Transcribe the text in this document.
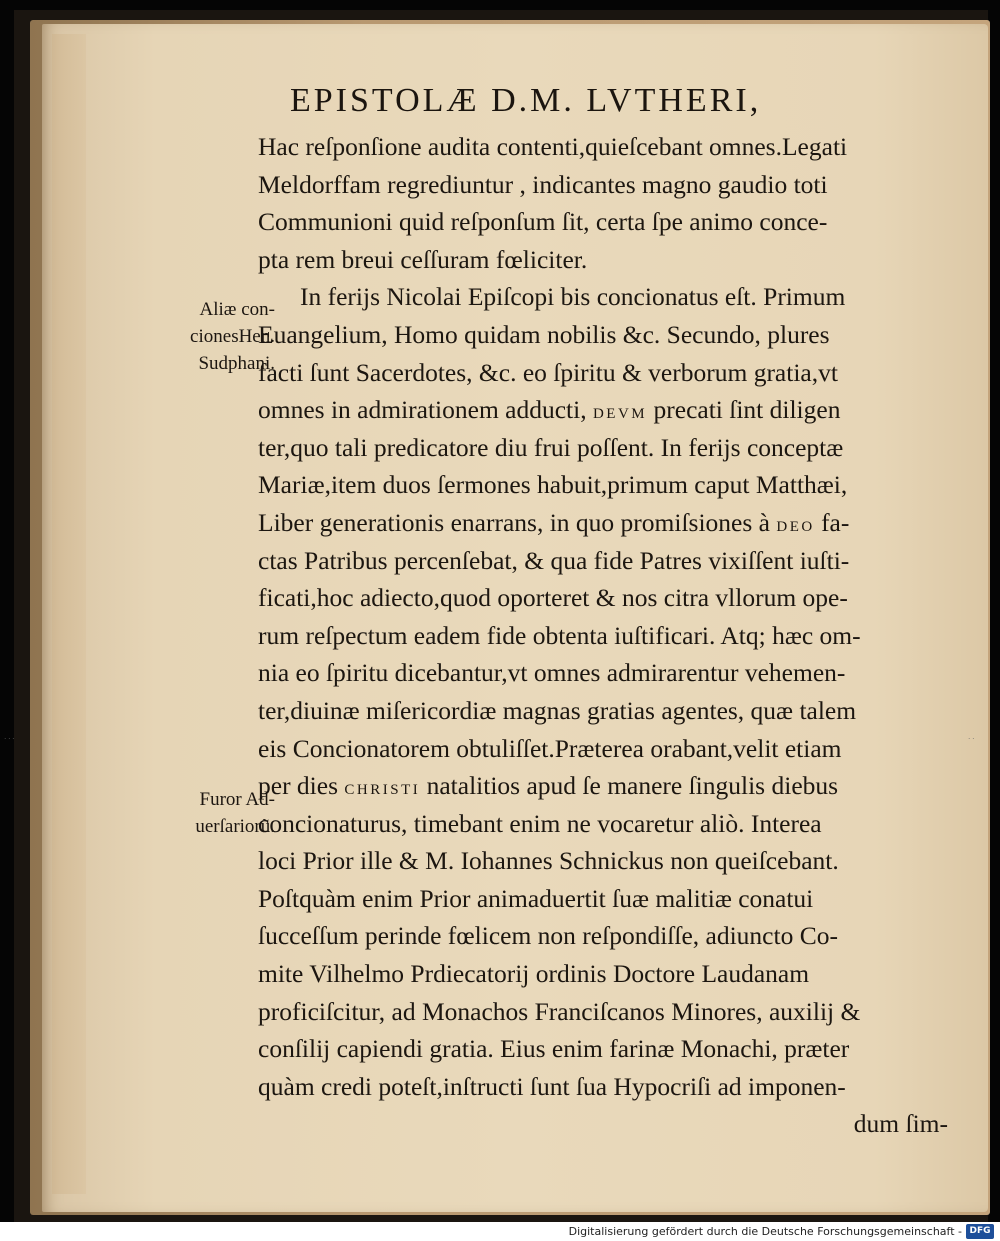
· · ·	· ·
EPISTOLÆ D.M. LVTHERI,
Hac reſponſione audita contenti,quieſcebant omnes.Legati
Meldorffam regrediuntur , indicantes magno gaudio toti
Communioni quid reſponſum ſit, certa ſpe animo conce-
pta rem breui ceſſuram fœliciter.
In ferijs Nicolai Epiſcopi bis concionatus eſt. Primum
Euangelium, Homo quidam nobilis &c. Secundo, plures
facti ſunt Sacerdotes, &c. eo ſpiritu & verborum gratia,vt
omnes in admirationem adducti, DEVM precati ſint diligen
ter,quo tali predicatore diu frui poſſent. In ferijs conceptæ
Mariæ,item duos ſermones habuit,primum caput Matthæi,
Liber generationis enarrans, in quo promiſsiones à DEO fa-
ctas Patribus percenſebat, & qua fide Patres vixiſſent iuſti-
ficati,hoc adiecto,quod oporteret & nos citra vllorum ope-
rum reſpectum eadem fide obtenta iuſtificari. Atq; hæc om-
nia eo ſpiritu dicebantur,vt omnes admirarentur vehemen-
ter,diuinæ miſericordiæ magnas gratias agentes, quæ talem
eis Concionatorem obtuliſſet.Præterea orabant,velit etiam
per dies CHRISTI natalitios apud ſe manere ſingulis diebus
concionaturus, timebant enim ne vocaretur aliò. Interea
loci Prior ille & M. Iohannes Schnickus non queiſcebant.
Poſtquàm enim Prior animaduertit ſuæ malitiæ conatui
ſucceſſum perinde fœlicem non reſpondiſſe, adiuncto Co-
mite Vilhelmo Prdiecatorij ordinis Doctore Laudanam
proficiſcitur, ad Monachos Franciſcanos Minores, auxilij &
conſilij capiendi gratia. Eius enim farinæ Monachi, præter
quàm credi poteſt,inſtructi ſunt ſua Hypocriſi ad imponen-
dum ſim-
Aliæ con-
cionesHen.
Sudphani.
Furor Ad-
uerſariorũ.
Digitalisierung gefördert durch die Deutsche Forschungsgemeinschaft - DFG
